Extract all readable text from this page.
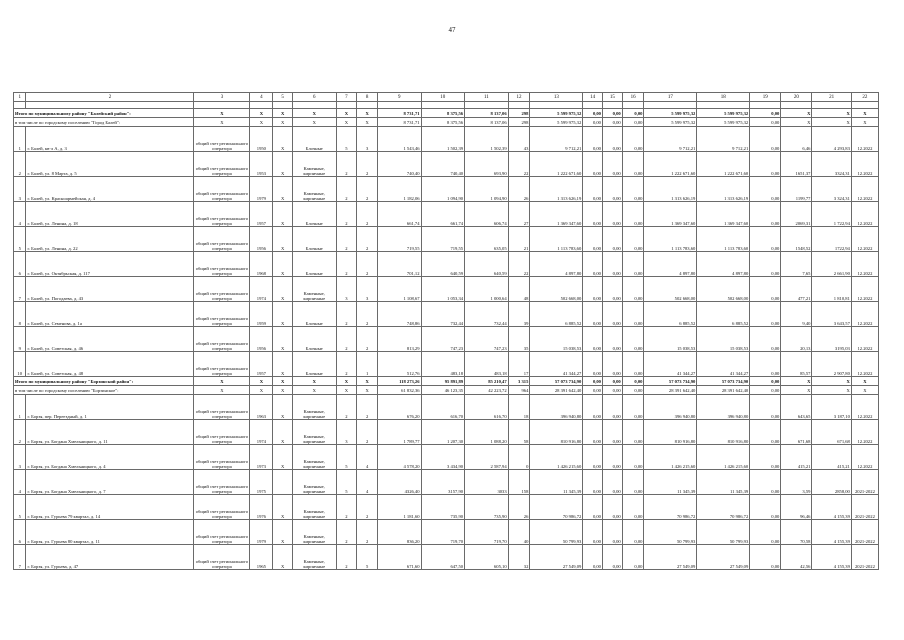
47
1	2	3	4	5	6	7	8	9	10	11	12	13	14	15	16	17	18	19	20	21	22

Итого по муниципальному району "Балейский район":		X	X	X	X	X	X	8 731,71	8 375,56	8 137,06	298	5 599 975,32	0,00	0,00	0,00	5 599 975,32	5 599 975,32	0,00	X	X	X
в том числе по городскому поселению "Город Балей":		X	X	X	X	X	X	8 731,71	8 375,56	8 137,06	298	5 599 975,32	0,00	0,00	0,00	5 599 975,32	5 599 975,32	0,00	X	X	X
1	г. Балей, кв-л А, д. 3	общий счет регионального оператора	1950	X	Блочные	5	3	1 543,46	1 502,39	1 502,39	43	9 712,21	0,00	0,00	0,00	9 712,21	9 712,21	0,00	6,46	4 293,83	12.2022
2	г. Балей, ул. 8 Марта, д. 5	общий счет регионального оператора	1953	X	Каменные, кирпичные	2	2	740,40	740,40	693,90	22	1 222 671,60	0,00	0,00	0,00	1 222 671,60	1 222 671,60	0,00	1651,37	3324,31	12.2022
3	г. Балей, ул. Красноармейская, д. 4	общий счет регионального оператора	1979	X	Каменные, кирпичные	2	2	1 182,06	1 094,90	1 094,90	26	1 313 626,19	0,00	0,00	0,00	1 313 626,19	1 313 626,19	0,00	1199,77	3 324,31	12.2022
4	г. Балей, ул. Ленина, д. 18	общий счет регионального оператора	1957	X	Блочные	2	2	661,74	661,74	606,74	27	1 369 347,60	0,00	0,00	0,00	1 369 347,60	1 369 347,60	0,00	2069,31	1 722,94	12.2022
5	г. Балей, ул. Ленина, д. 22	общий счет регионального оператора	1956	X	Блочные	2	2	719,55	719,55	635,05	21	1 113 783,60	0,00	0,00	0,00	1 113 783,60	1 113 783,60	0,00	1548,52	1722,94	12.2022
6	г. Балей, ул. Октябрьская, д. 117	общий счет регионального оператора	1968	X	Блочные	2	2	701,12	640,59	640,59	22	4 897,80	0,00	0,00	0,00	4 897,80	4 897,80	0,00	7,65	2 661,90	12.2022
7	г. Балей, ул. Погодаева, д. 43	общий счет регионального оператора	1974	X	Каменные, кирпичные	3	3	1 108,67	1 053,34	1 000,64	48	502 668,00	0,00	0,00	0,00	502 668,00	502 668,00	0,00	477,21	1 810,81	12.2022
8	г. Балей, ул. Семенова, д. 1а	общий счет регионального оператора	1959	X	Блочные	2	2	748,86	732,44	732,44	39	6 885,52	0,00	0,00	0,00	6 885,52	6 885,52	0,00	9,40	3 643,57	12.2022
9	г. Балей, ул. Советская, д. 46	общий счет регионального оператора	1956	X	Блочные	2	2	813,29	747,23	747,23	35	15 038,53	0,00	0,00	0,00	15 038,53	15 038,53	0,00	20,13	3195,03	12.2022
10	г. Балей, ул. Советская, д. 48	общий счет регионального оператора	1957	X	Блочные	2	1	512,76	483,18	483,18	17	41 344,27	0,00	0,00	0,00	41 344,27	41 344,27	0,00	85,57	2 907,80	12.2022
Итого по муниципальному району "Борзинский район":		X	X	X	X	X	X	118 273,26	95 891,89	85 210,47	3 315	57 073 734,90	0,00	0,00	0,00	57 073 734,90	57 073 734,90	0,00	X	X	X
в том числе по городскому поселению "Борзинское":		X	X	X	X	X	X	61 832,36	46 123,35	42 223,72	964	28 391 642,40	0,00	0,00	0,00	28 391 642,40	28 391 642,40	0,00	X	X	X
1	г. Борзя, пер. Переездный, д. 1	общий счет регионального оператора	1963	X	Каменные, кирпичные	2	2	676,20	616,70	616,70	18	396 940,80	0,00	0,00	0,00	396 940,80	396 940,80	0,00	643,65	3 187,10	12.2022
2	г. Борзя, ул. Богдана Хмельницкого, д. 11	общий счет регионального оператора	1974	X	Каменные, кирпичные	3	2	1 789,77	1 207,30	1 088,20	58	810 916,80	0,00	0,00	0,00	810 916,80	810 916,80	0,00	671,68	671,68	12.2022
3	г. Борзя, ул. Богдана Хмельницкого, д. 4	общий счет регионального оператора	1973	X	Каменные, кирпичные	5	4	4 578,20	3 434,90	2 587,94	0	1 426 215,60	0,00	0,00	0,00	1 426 215,60	1 426 215,60	0,00	415,21	415,21	12.2022
4	г. Борзя, ул. Богдана Хмельницкого, д. 7	общий счет регионального оператора	1975		Каменные, кирпичные	5	4	4326,40	3157,90	3033	158	11 345,39	0,00	0,00	0,00	11 345,39	11 345,39	0,00	3,59	2858,00	2021-2022
5	г. Борзя, ул. Гурьева 79 квартал, д. 14	общий счет регионального оператора	1976	X	Каменные, кирпичные	2	2	1 181,60	735,90	735,90	26	70 986,72	0,00	0,00	0,00	70 986,72	70 986,72	0,00	96,46	4 155,39	2021-2022
6	г. Борзя, ул. Гурьева 80 квартал, д. 11	общий счет регионального оператора	1979	X	Каменные, кирпичные	2	2	836,20	719,70	719,70	40	50 799,93	0,00	0,00	0,00	50 799,93	50 799,93	0,00	70,58	4 155,39	2021-2022
7	г. Борзя, ул. Гурьева, д. 47	общий счет регионального оператора	1965	X	Каменные, кирпичные	2	5	671,60	647,50	605,10	32	27 549,09	0,00	0,00	0,00	27 549,09	27 549,09	0,00	42,56	4 155,39	2021-2022
